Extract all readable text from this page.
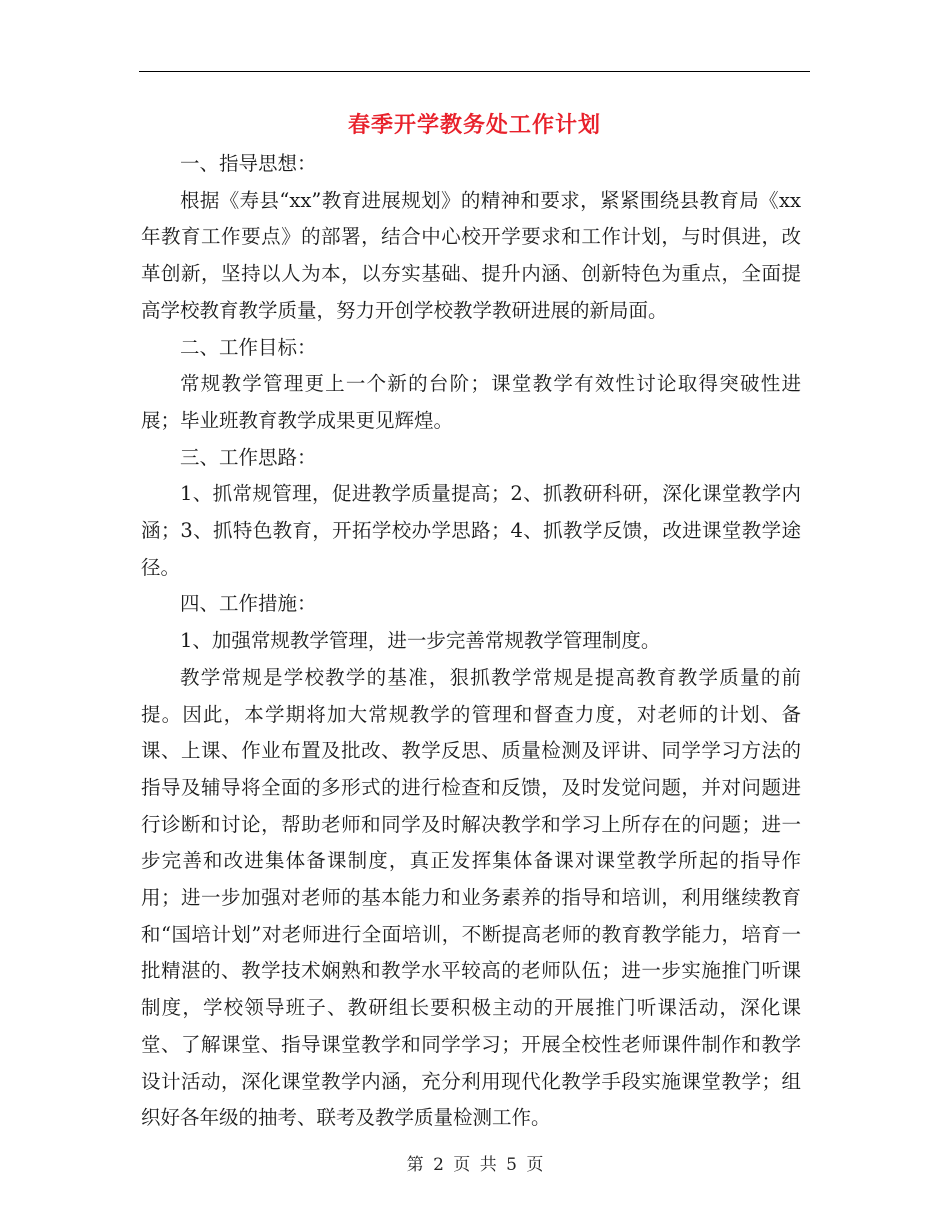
春季开学教务处工作计划

一、指导思想：

根据《寿县“xx”教育进展规划》的精神和要求，紧紧围绕县教育局《xx年教育工作要点》的部署，结合中心校开学要求和工作计划，与时俱进，改革创新，坚持以人为本，以夯实基础、提升内涵、创新特色为重点，全面提高学校教育教学质量，努力开创学校教学教研进展的新局面。

二、工作目标：

常规教学管理更上一个新的台阶；课堂教学有效性讨论取得突破性进展；毕业班教育教学成果更见辉煌。

三、工作思路：

1、抓常规管理，促进教学质量提高；2、抓教研科研，深化课堂教学内涵；3、抓特色教育，开拓学校办学思路；4、抓教学反馈，改进课堂教学途径。

四、工作措施：

1、加强常规教学管理，进一步完善常规教学管理制度。

教学常规是学校教学的基准，狠抓教学常规是提高教育教学质量的前提。因此，本学期将加大常规教学的管理和督查力度，对老师的计划、备课、上课、作业布置及批改、教学反思、质量检测及评讲、同学学习方法的指导及辅导将全面的多形式的进行检查和反馈，及时发觉问题，并对问题进行诊断和讨论，帮助老师和同学及时解决教学和学习上所存在的问题；进一步完善和改进集体备课制度，真正发挥集体备课对课堂教学所起的指导作用；进一步加强对老师的基本能力和业务素养的指导和培训，利用继续教育和“国培计划”对老师进行全面培训，不断提高老师的教育教学能力，培育一批精湛的、教学技术娴熟和教学水平较高的老师队伍；进一步实施推门听课制度，学校领导班子、教研组长要积极主动的开展推门听课活动，深化课堂、了解课堂、指导课堂教学和同学学习；开展全校性老师课件制作和教学设计活动，深化课堂教学内涵，充分利用现代化教学手段实施课堂教学；组织好各年级的抽考、联考及教学质量检测工作。

第 2 页 共 5 页
